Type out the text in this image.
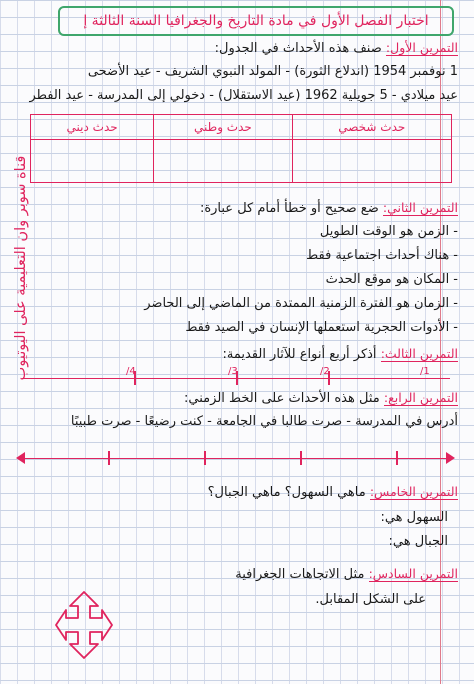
اختبار الفصل الأول في مادة التاريخ والجغرافيا السنة الثالثة إ
قناة سوبر وان التعليمية على اليوتيوب
التمرين الأول: صنف هذه الأحداث في الجدول:
1 نوفمبر 1954 (اندلاع الثورة) - المولد النبوي الشريف - عيد الأضحى
عيد ميلادي - 5 جويلية 1962 (عيد الاستقلال) - دخولي إلى المدرسة - عيد الفطر
حدث شخصي	حدث وطني	حدث ديني

التمرين الثاني: ضع صحيح أو خطأ أمام كل عبارة:
- الزمن هو الوقت الطويل
- هناك أحداث اجتماعية فقط
- المكان هو موقع الحدث
- الزمان هو الفترة الزمنية الممتدة من الماضي إلى الحاضر
- الأدوات الحجرية استعملها الإنسان في الصيد فقط
التمرين الثالث: أذكر أربع أنواع للآثار القديمة:
/4	/3	/2	/1
التمرين الرابع: مثل هذه الأحداث على الخط الزمني:
أدرس في المدرسة - صرت طالبا في الجامعة - كنت رضيعًا - صرت طبيبًا
التمرين الخامس: ماهي السهول؟ ماهي الجبال؟
السهول هي:
الجبال هي:
التمرين السادس: مثل الاتجاهات الجغرافية
على الشكل المقابل.
